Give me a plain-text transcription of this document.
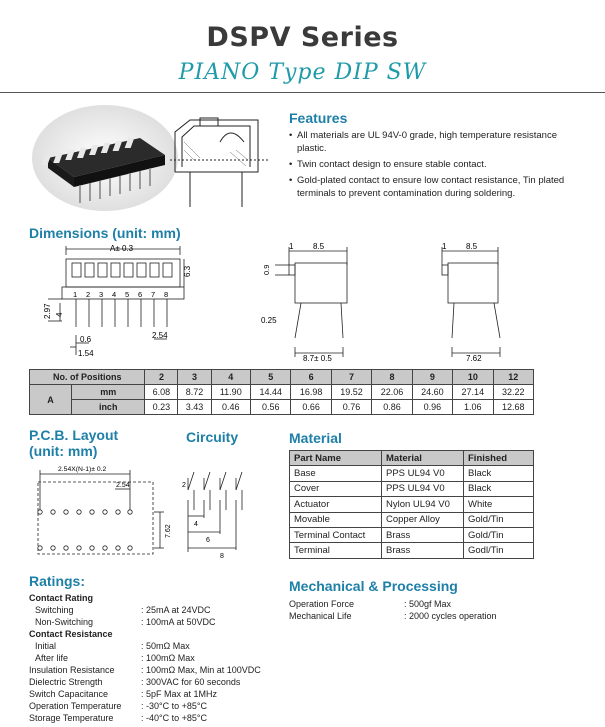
DSPV Series
PIANO Type DIP SW
Features
• All materials are UL 94V-0 grade, high temperature resistance plastic.
• Twin contact design to ensure stable contact.
• Gold-plated contact to ensure low contact resistance, Tin plated terminals to prevent contamination during soldering.
Dimensions (unit: mm)
A± 0.3
6.3
2.97 4
0.6
1.54
2.54
1 2 3 4 5 6 7 8
1 8.5
0.9
0.25
8.7± 0.5
1 8.5
7.62
No. of Positions		2	3	4	5	6	7	8	9	10	12
A	mm	6.08	8.72	11.90	14.44	16.98	19.52	22.06	24.60	27.14	32.22
	inch	0.23	3.43	0.46	0.56	0.66	0.76	0.86	0.96	1.06	12.68
P.C.B. Layout
(unit: mm)
2.54X(N-1)± 0.2
2.54
7.62
Circuity
2
4
6
8
Material
Part Name	Material	Finished
Base	PPS UL94 V0	Black
Cover	PPS UL94 V0	Black
Actuator	Nylon UL94 V0	White
Movable	Copper Alloy	Gold/Tin
Terminal Contact	Brass	Gold/Tin
Terminal	Brass	Godl/Tin
Ratings:
Contact Rating
Switching	: 25mA at 24VDC
Non-Switching	: 100mA at 50VDC
Contact Resistance
Initial	: 50mΩ Max
After life	: 100mΩ Max
Insulation Resistance	: 100mΩ Max, Min at 100VDC
Dielectric Strength	: 300VAC for 60 seconds
Switch Capacitance	: 5pF Max at 1MHz
Operation Temperature	: -30°C to +85°C
Storage Temperature	: -40°C to +85°C
Mechanical & Processing
Operation Force	: 500gf Max
Mechanical Life	: 2000 cycles operation
